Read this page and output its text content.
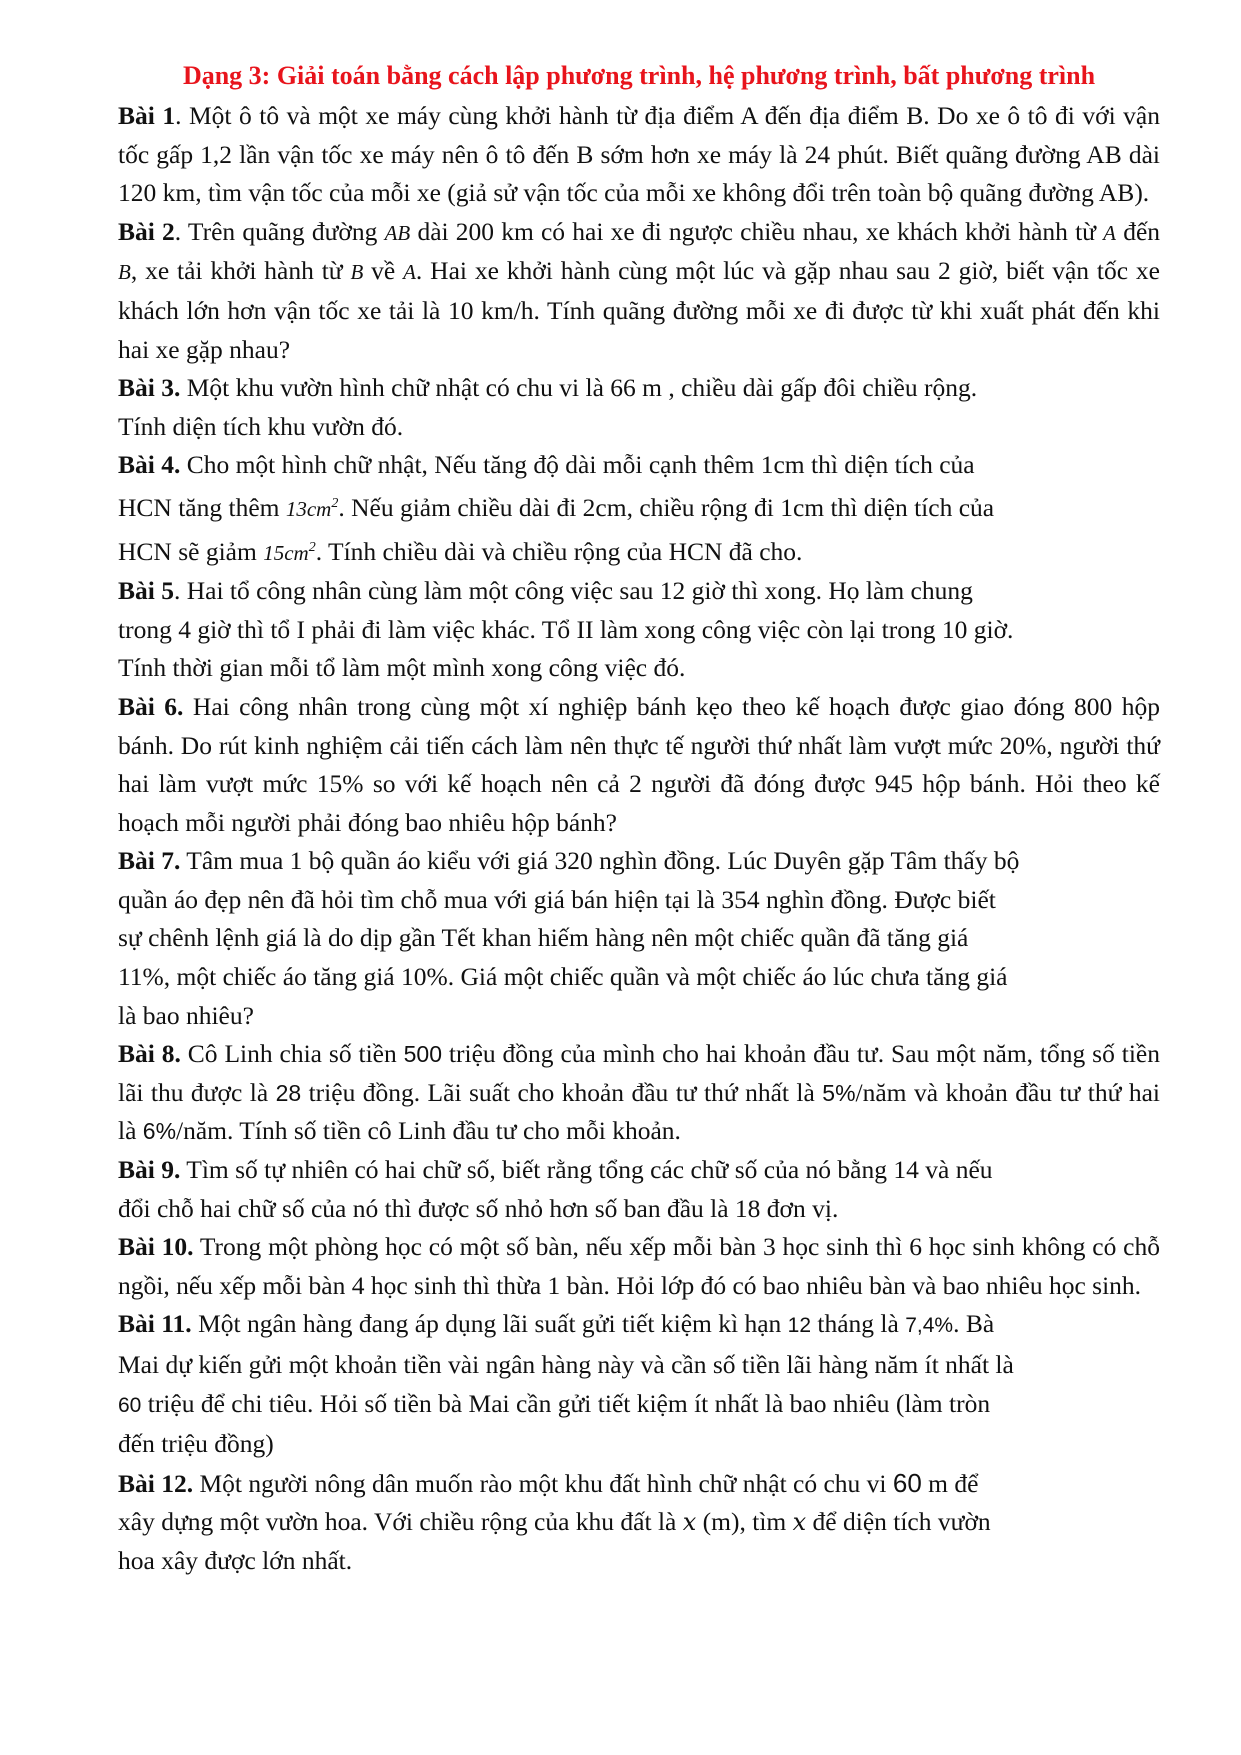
Dạng 3: Giải toán bằng cách lập phương trình, hệ phương trình, bất phương trình

Bài 1. Một ô tô và một xe máy cùng khởi hành từ địa điểm A đến địa điểm B. Do xe ô tô đi với vận tốc gấp 1,2 lần vận tốc xe máy nên ô tô đến B sớm hơn xe máy là 24 phút. Biết quãng đường AB dài 120 km, tìm vận tốc của mỗi xe (giả sử vận tốc của mỗi xe không đổi trên toàn bộ quãng đường AB).

Bài 2. Trên quãng đường AB dài 200 km có hai xe đi ngược chiều nhau, xe khách khởi hành từ A đến B, xe tải khởi hành từ B về A. Hai xe khởi hành cùng một lúc và gặp nhau sau 2 giờ, biết vận tốc xe khách lớn hơn vận tốc xe tải là 10 km/h. Tính quãng đường mỗi xe đi được từ khi xuất phát đến khi hai xe gặp nhau?

Bài 3. Một khu vườn hình chữ nhật có chu vi là 66 m , chiều dài gấp đôi chiều rộng.
Tính diện tích khu vườn đó.

Bài 4. Cho một hình chữ nhật, Nếu tăng độ dài mỗi cạnh thêm 1cm thì diện tích của
HCN tăng thêm $13cm^2$. Nếu giảm chiều dài đi 2cm, chiều rộng đi 1cm thì diện tích của
HCN sẽ giảm $15cm^2$. Tính chiều dài và chiều rộng của HCN đã cho.

Bài 5. Hai tổ công nhân cùng làm một công việc sau 12 giờ thì xong. Họ làm chung
trong 4 giờ thì tổ I phải đi làm việc khác. Tổ II làm xong công việc còn lại trong 10 giờ.
Tính thời gian mỗi tổ làm một mình xong công việc đó.

Bài 6. Hai công nhân trong cùng một xí nghiệp bánh kẹo theo kế hoạch được giao đóng 800 hộp bánh. Do rút kinh nghiệm cải tiến cách làm nên thực tế người thứ nhất làm vượt mức 20%, người thứ hai làm vượt mức 15% so với kế hoạch nên cả 2 người đã đóng được 945 hộp bánh. Hỏi theo kế hoạch mỗi người phải đóng bao nhiêu hộp bánh?

Bài 7. Tâm mua 1 bộ quần áo kiểu với giá 320 nghìn đồng. Lúc Duyên gặp Tâm thấy bộ
quần áo đẹp nên đã hỏi tìm chỗ mua với giá bán hiện tại là 354 nghìn đồng. Được biết
sự chênh lệnh giá là do dịp gần Tết khan hiếm hàng nên một chiếc quần đã tăng giá
11%, một chiếc áo tăng giá 10%. Giá một chiếc quần và một chiếc áo lúc chưa tăng giá
là bao nhiêu?

Bài 8. Cô Linh chia số tiền 500 triệu đồng của mình cho hai khoản đầu tư. Sau một năm, tổng số tiền lãi thu được là 28 triệu đồng. Lãi suất cho khoản đầu tư thứ nhất là 5%/năm và khoản đầu tư thứ hai là 6%/năm. Tính số tiền cô Linh đầu tư cho mỗi khoản.

Bài 9. Tìm số tự nhiên có hai chữ số, biết rằng tổng các chữ số của nó bằng 14 và nếu
đổi chỗ hai chữ số của nó thì được số nhỏ hơn số ban đầu là 18 đơn vị.

Bài 10. Trong một phòng học có một số bàn, nếu xếp mỗi bàn 3 học sinh thì 6 học sinh không có chỗ ngồi, nếu xếp mỗi bàn 4 học sinh thì thừa 1 bàn. Hỏi lớp đó có bao nhiêu bàn và bao nhiêu học sinh.

Bài 11. Một ngân hàng đang áp dụng lãi suất gửi tiết kiệm kì hạn 12 tháng là 7,4%. Bà
Mai dự kiến gửi một khoản tiền vài ngân hàng này và cần số tiền lãi hàng năm ít nhất là
60 triệu để chi tiêu. Hỏi số tiền bà Mai cần gửi tiết kiệm ít nhất là bao nhiêu (làm tròn
đến triệu đồng)

Bài 12. Một người nông dân muốn rào một khu đất hình chữ nhật có chu vi 60 m để
xây dựng một vườn hoa. Với chiều rộng của khu đất là x (m), tìm x để diện tích vườn
hoa xây được lớn nhất.
